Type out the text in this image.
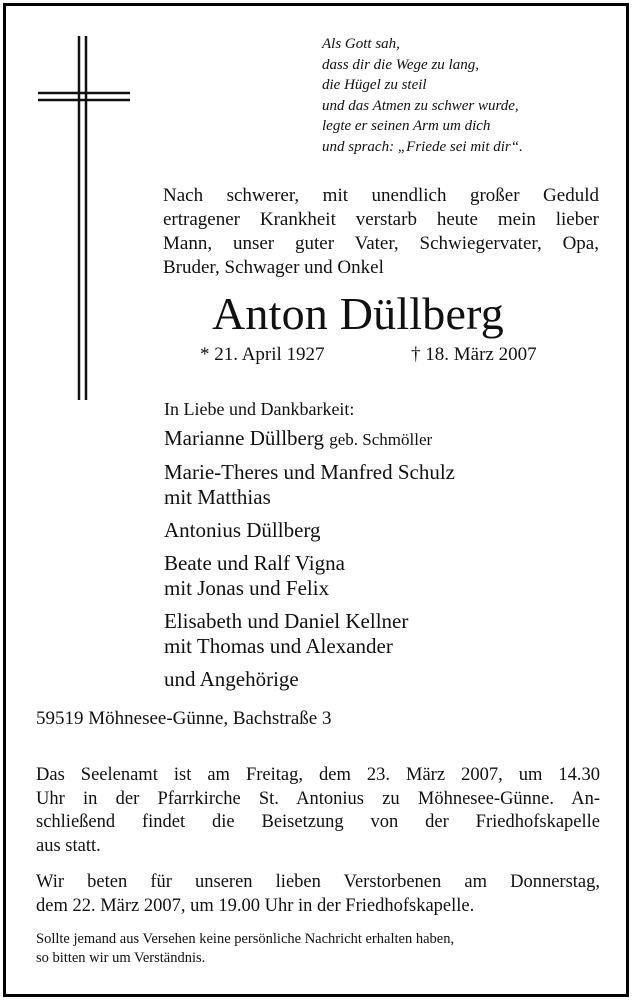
Als Gott sah,
dass dir die Wege zu lang,
die Hügel zu steil
und das Atmen zu schwer wurde,
legte er seinen Arm um dich
und sprach: „Friede sei mit dir“.
Nach schwerer, mit unendlich großer Geduld
ertragener Krankheit verstarb heute mein lieber
Mann, unser guter Vater, Schwiegervater, Opa,
Bruder, Schwager und Onkel
Anton Düllberg
* 21. April 1927	† 18. März 2007
In Liebe und Dankbarkeit:
Marianne Düllberg geb. Schmöller
Marie-Theres und Manfred Schulz
mit Matthias
Antonius Düllberg
Beate und Ralf Vigna
mit Jonas und Felix
Elisabeth und Daniel Kellner
mit Thomas und Alexander
und Angehörige
59519 Möhnesee-Günne, Bachstraße 3
Das Seelenamt ist am Freitag, dem 23. März 2007, um 14.30
Uhr in der Pfarrkirche St. Antonius zu Möhnesee-Günne. An-
schließend findet die Beisetzung von der Friedhofskapelle
aus statt.
Wir beten für unseren lieben Verstorbenen am Donnerstag,
dem 22. März 2007, um 19.00 Uhr in der Friedhofskapelle.
Sollte jemand aus Versehen keine persönliche Nachricht erhalten haben,
so bitten wir um Verständnis.
